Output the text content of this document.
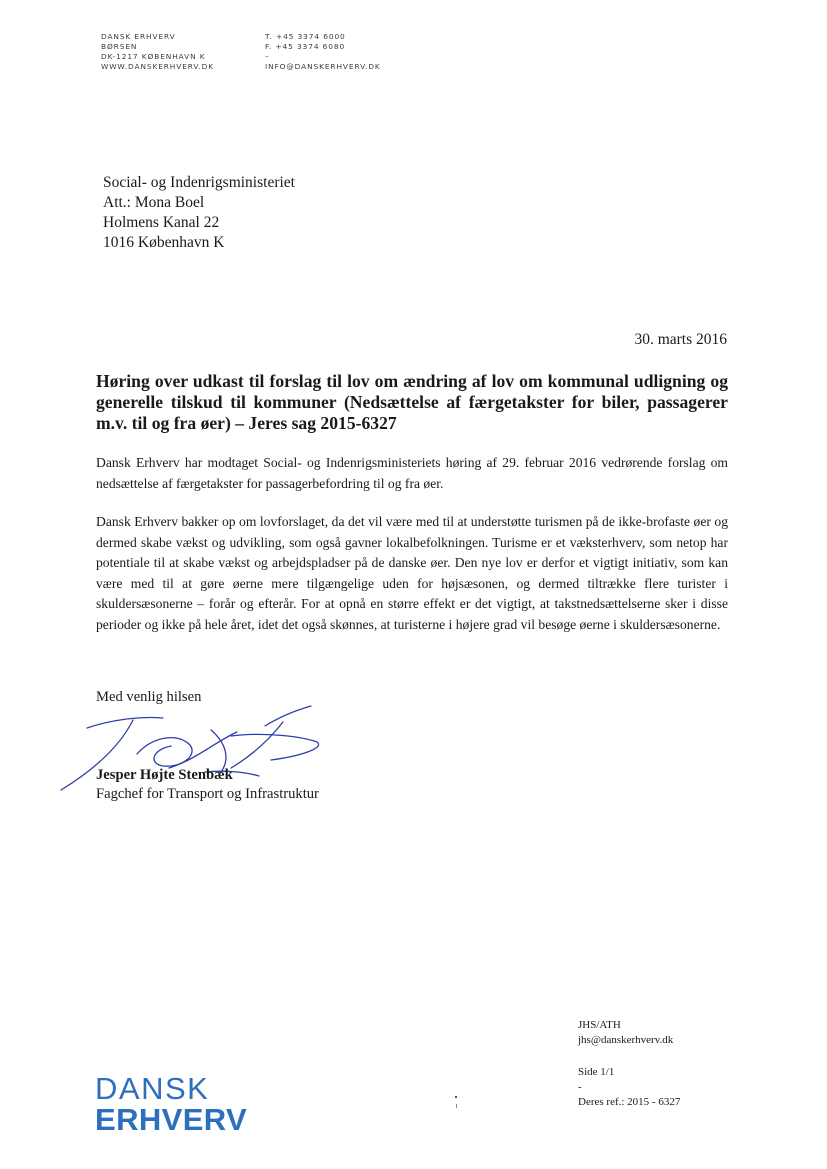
DANSK ERHVERV
BØRSEN
DK-1217 KØBENHAVN K
WWW.DANSKERHVERV.DK
T. +45 3374 6000
F. +45 3374 6080
–
INFO@DANSKERHVERV.DK
Social- og Indenrigsministeriet
Att.: Mona Boel
Holmens Kanal 22
1016 København K
30. marts 2016
Høring over udkast til forslag til lov om ændring af lov om kommunal udligning og generelle tilskud til kommuner (Nedsættelse af færgetakster for biler, passagerer m.v. til og fra øer) – Jeres sag 2015-6327

Dansk Erhverv har modtaget Social- og Indenrigsministeriets høring af 29. februar 2016 vedrørende forslag om nedsættelse af færgetakster for passagerbefordring til og fra øer.

Dansk Erhverv bakker op om lovforslaget, da det vil være med til at understøtte turismen på de ikke-brofaste øer og dermed skabe vækst og udvikling, som også gavner lokalbefolkningen. Turisme er et væksterhverv, som netop har potentiale til at skabe vækst og arbejdspladser på de danske øer. Den nye lov er derfor et vigtigt initiativ, som kan være med til at gøre øerne mere tilgængelige uden for højsæsonen, og dermed tiltrække flere turister i skuldersæsonerne – forår og efterår. For at opnå en større effekt er det vigtigt, at takstnedsættelserne sker i disse perioder og ikke på hele året, idet det også skønnes, at turisterne i højere grad vil besøge øerne i skuldersæsonerne.

Med venlig hilsen
Jesper Højte Stenbæk
Fagchef for Transport og Infrastruktur
JHS/ATH
jhs@danskerhverv.dk
Side 1/1
-
Deres ref.: 2015 - 6327
DANSK
ERHVERV
